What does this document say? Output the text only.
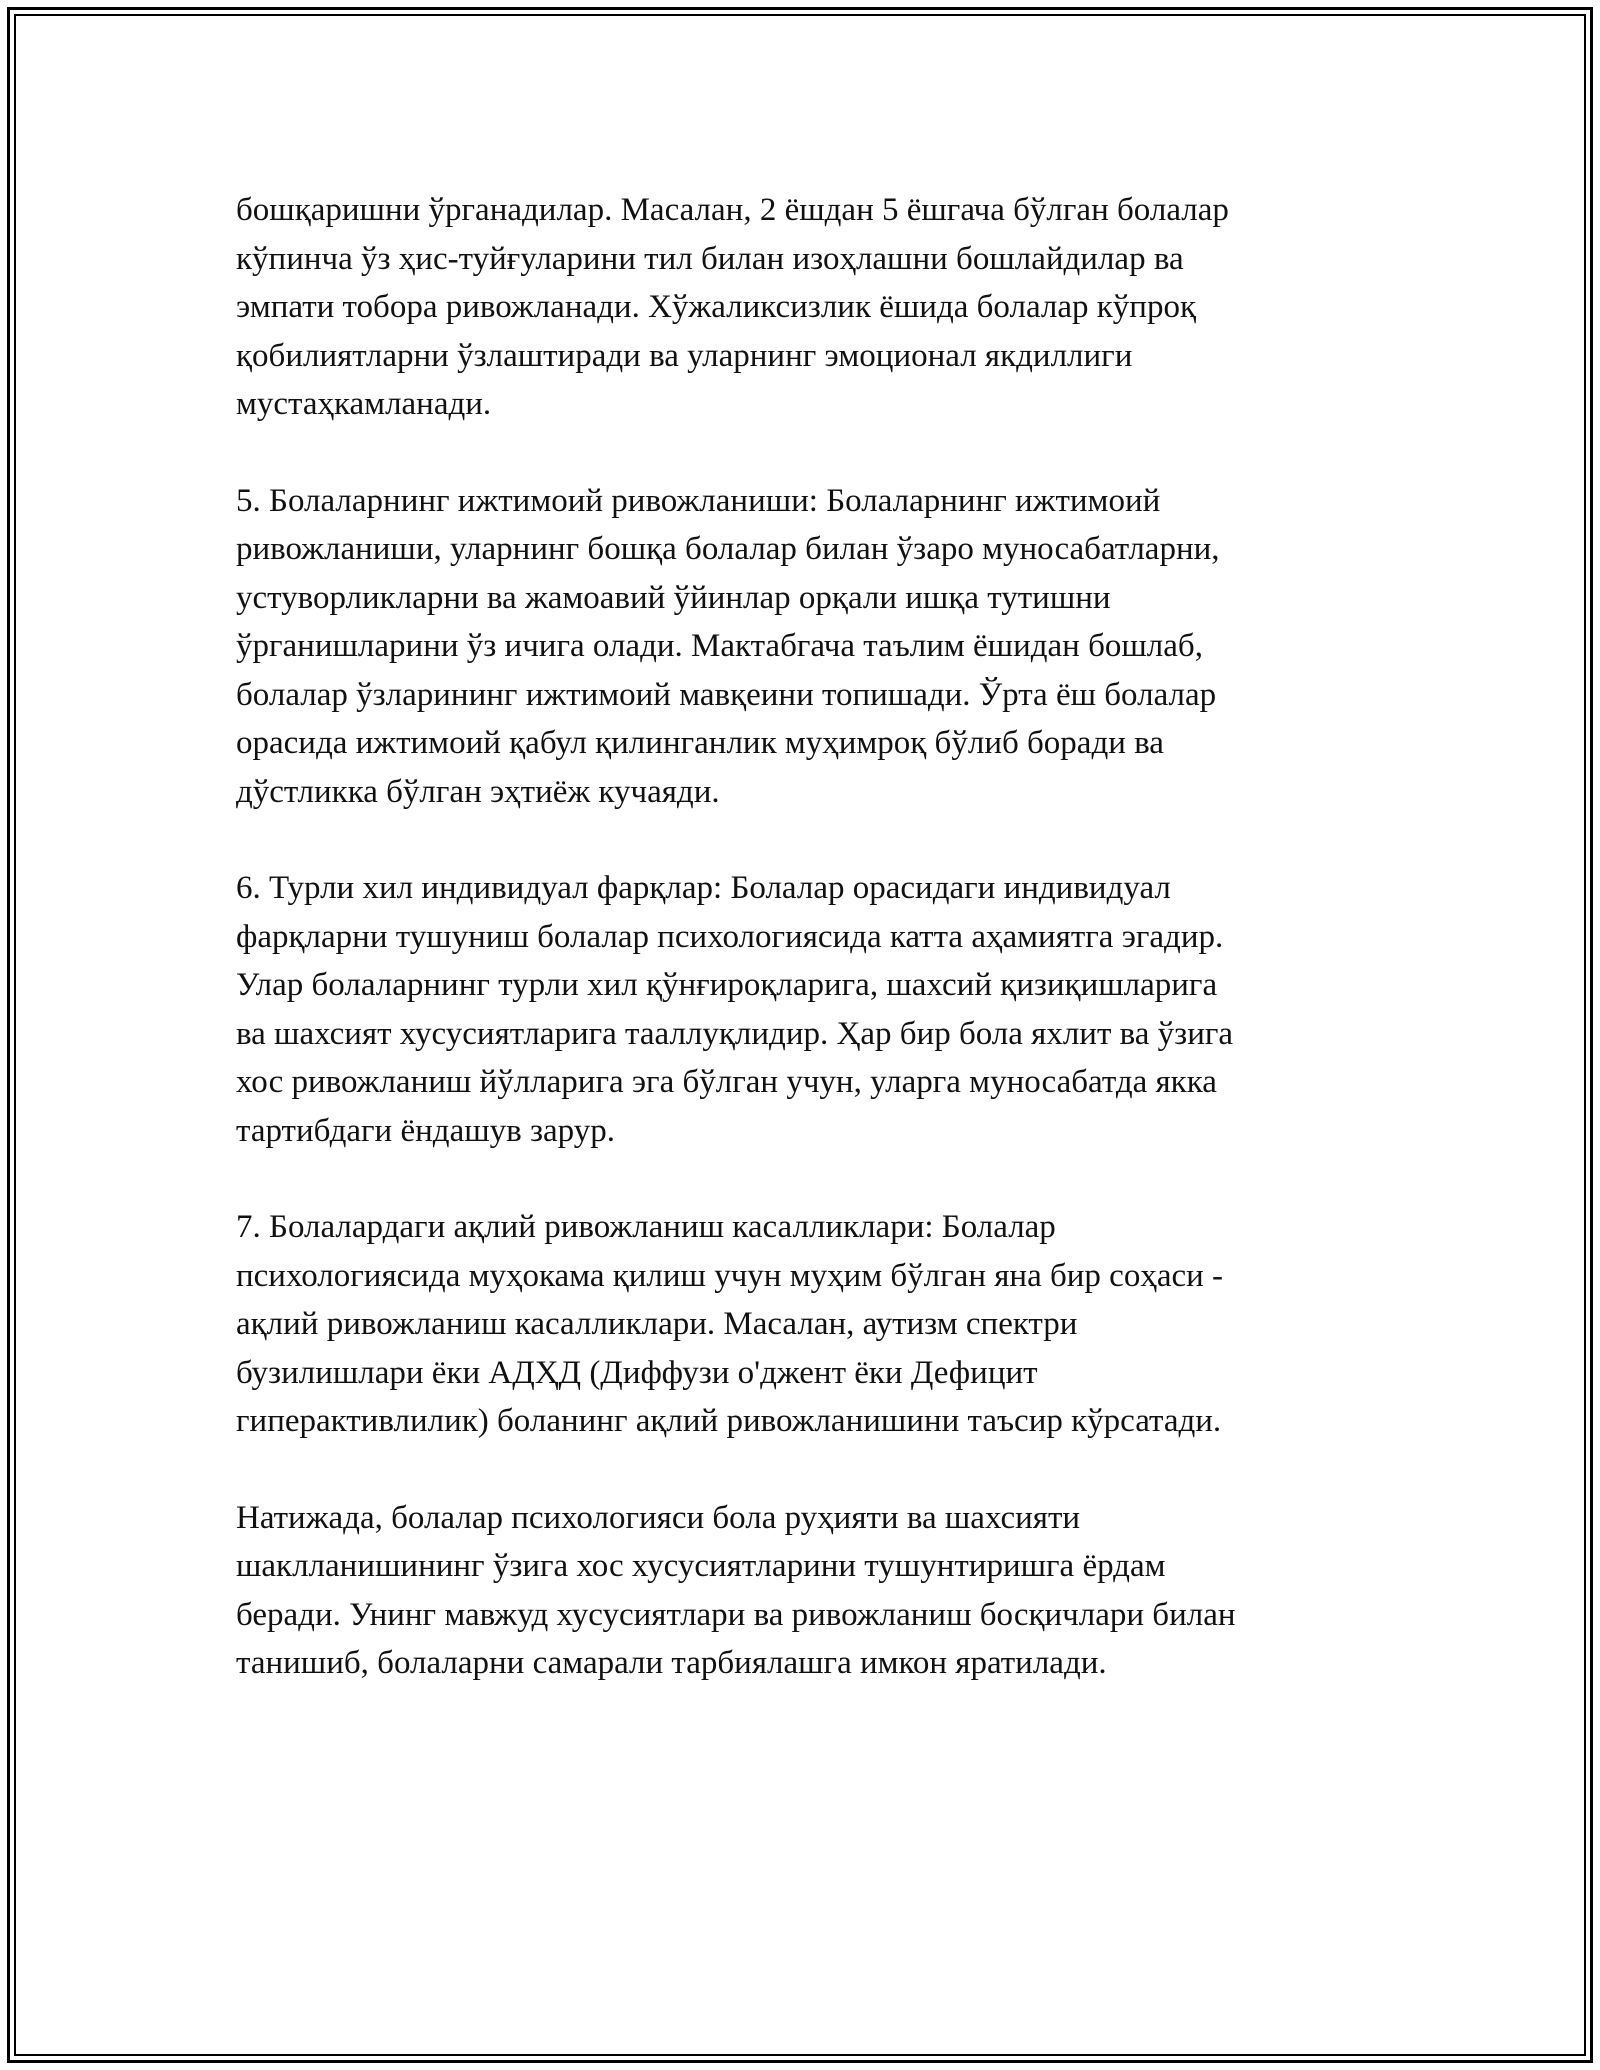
бошқаришни ўрганадилар. Масалан, 2 ёшдан 5 ёшгача бўлган болалар
кўпинча ўз ҳис-туйғуларини тил билан изоҳлашни бошлайдилар ва
эмпати тобора ривожланади. Хўжаликсизлик ёшида болалар кўпроқ
қобилиятларни ўзлаштиради ва уларнинг эмоционал якдиллиги
мустаҳкамланади.

5. Болаларнинг ижтимоий ривожланиши: Болаларнинг ижтимоий
ривожланиши, уларнинг бошқа болалар билан ўзаро муносабатларни,
устуворликларни ва жамоавий ўйинлар орқали ишқа тутишни
ўрганишларини ўз ичига олади. Мактабгача таълим ёшидан бошлаб,
болалар ўзларининг ижтимоий мавқеини топишади. Ўрта ёш болалар
орасида ижтимоий қабул қилинганлик муҳимроқ бўлиб боради ва
дўстликка бўлган эҳтиёж кучаяди.

6. Турли хил индивидуал фарқлар: Болалар орасидаги индивидуал
фарқларни тушуниш болалар психологиясида катта аҳамиятга эгадир.
Улар болаларнинг турли хил қўнғироқларига, шахсий қизиқишларига
ва шахсият хусусиятларига тааллуқлидир. Ҳар бир бола яхлит ва ўзига
хос ривожланиш йўлларига эга бўлган учун, уларга муносабатда якка
тартибдаги ёндашув зарур.

7. Болалардаги ақлий ривожланиш касалликлари: Болалар
психологиясида муҳокама қилиш учун муҳим бўлган яна бир соҳаси -
ақлий ривожланиш касалликлари. Масалан, аутизм спектри
бузилишлари ёки АДҲД (Диффузи о'джент ёки Дефицит
гиперактивлилик) боланинг ақлий ривожланишини таъсир кўрсатади.

Натижада, болалар психологияси бола руҳияти ва шахсияти
шаклланишининг ўзига хос хусусиятларини тушунтиришга ёрдам
беради. Унинг мавжуд хусусиятлари ва ривожланиш босқичлари билан
танишиб, болаларни самарали тарбиялашга имкон яратилади.
